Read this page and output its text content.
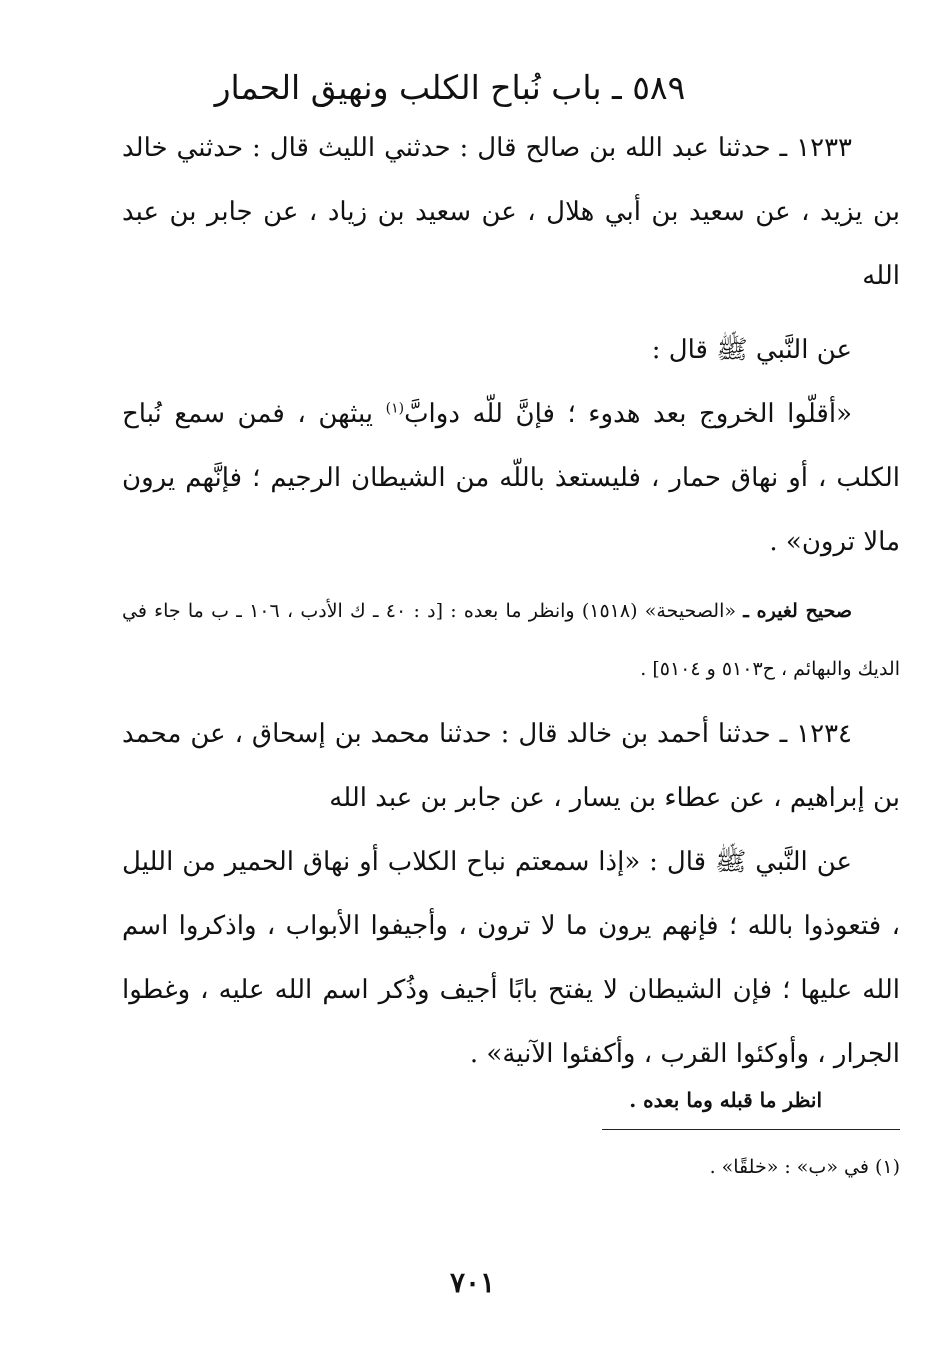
٥٨٩ ـ باب نُباح الكلب ونهيق الحمار

١٢٣٣ ـ حدثنا عبد الله بن صالح قال : حدثني الليث قال : حدثني خالد بن يزيد ، عن سعيد بن أبي هلال ، عن سعيد بن زياد ، عن جابر بن عبد الله

عن النَّبي ﷺ قال :

«أقلّوا الخروج بعد هدوء ؛ فإنَّ للّه دوابَّ$^{(١)}$ يبثهن ، فمن سمع نُباح الكلب ، أو نهاق حمار ، فليستعذ باللّه من الشيطان الرجيم ؛ فإنَّهم يرون مالا ترون» .

صحيح لغيره ـ «الصحيحة» (١٥١٨) وانظر ما بعده : [د : ٤٠ ـ ك الأدب ، ١٠٦ ـ ب ما جاء في الديك والبهائم ، ح٥١٠٣ و ٥١٠٤] .

١٢٣٤ ـ حدثنا أحمد بن خالد قال : حدثنا محمد بن إسحاق ، عن محمد بن إبراهيم ، عن عطاء بن يسار ، عن جابر بن عبد الله

عن النَّبي ﷺ قال : «إذا سمعتم نباح الكلاب أو نهاق الحمير من الليل ، فتعوذوا بالله ؛ فإنهم يرون ما لا ترون ، وأجيفوا الأبواب ، واذكروا اسم الله عليها ؛ فإن الشيطان لا يفتح بابًا أجيف وذُكر اسم الله عليه ، وغطوا الجرار ، وأوكئوا القرب ، وأكفئوا الآنية» .

انظر ما قبله وما بعده .
(١) في «ب» : «خلقًا» .
٧٠١
